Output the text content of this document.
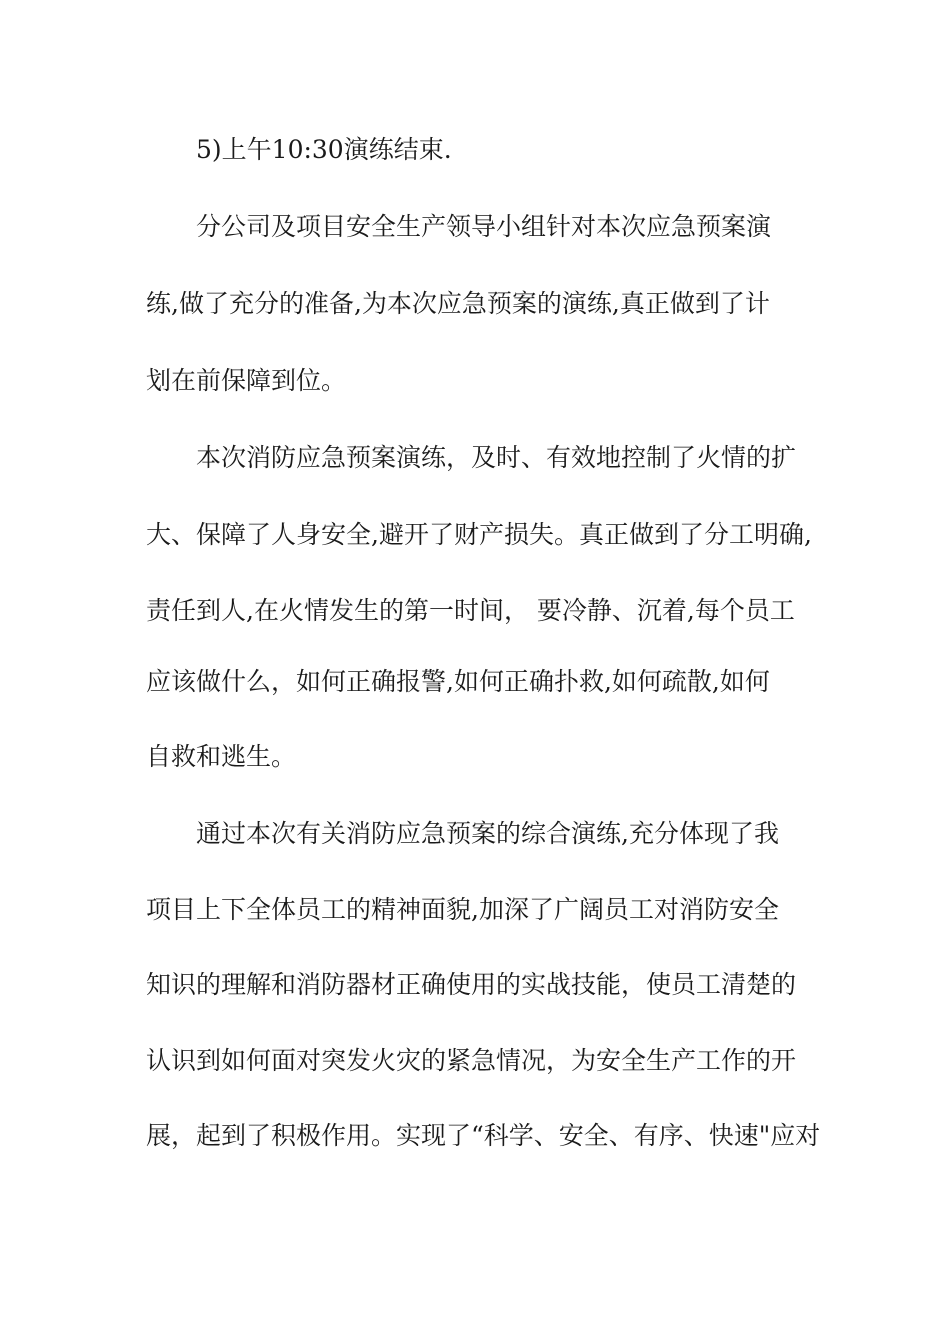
5)上午10:30演练结束.
分公司及项目安全生产领导小组针对本次应急预案演
练,做了充分的准备,为本次应急预案的演练,真正做到了计
划在前保障到位。
本次消防应急预案演练，及时、有效地控制了火情的扩
大、保障了人身安全,避开了财产损失。真正做到了分工明确,
责任到人,在火情发生的第一时间， 要冷静、沉着,每个员工
应该做什么，如何正确报警,如何正确扑救,如何疏散,如何
自救和逃生。
通过本次有关消防应急预案的综合演练,充分体现了我
项目上下全体员工的精神面貌,加深了广阔员工对消防安全
知识的理解和消防器材正确使用的实战技能，使员工清楚的
认识到如何面对突发火灾的紧急情况，为安全生产工作的开
展，起到了积极作用。实现了“科学、安全、有序、快速"应对
